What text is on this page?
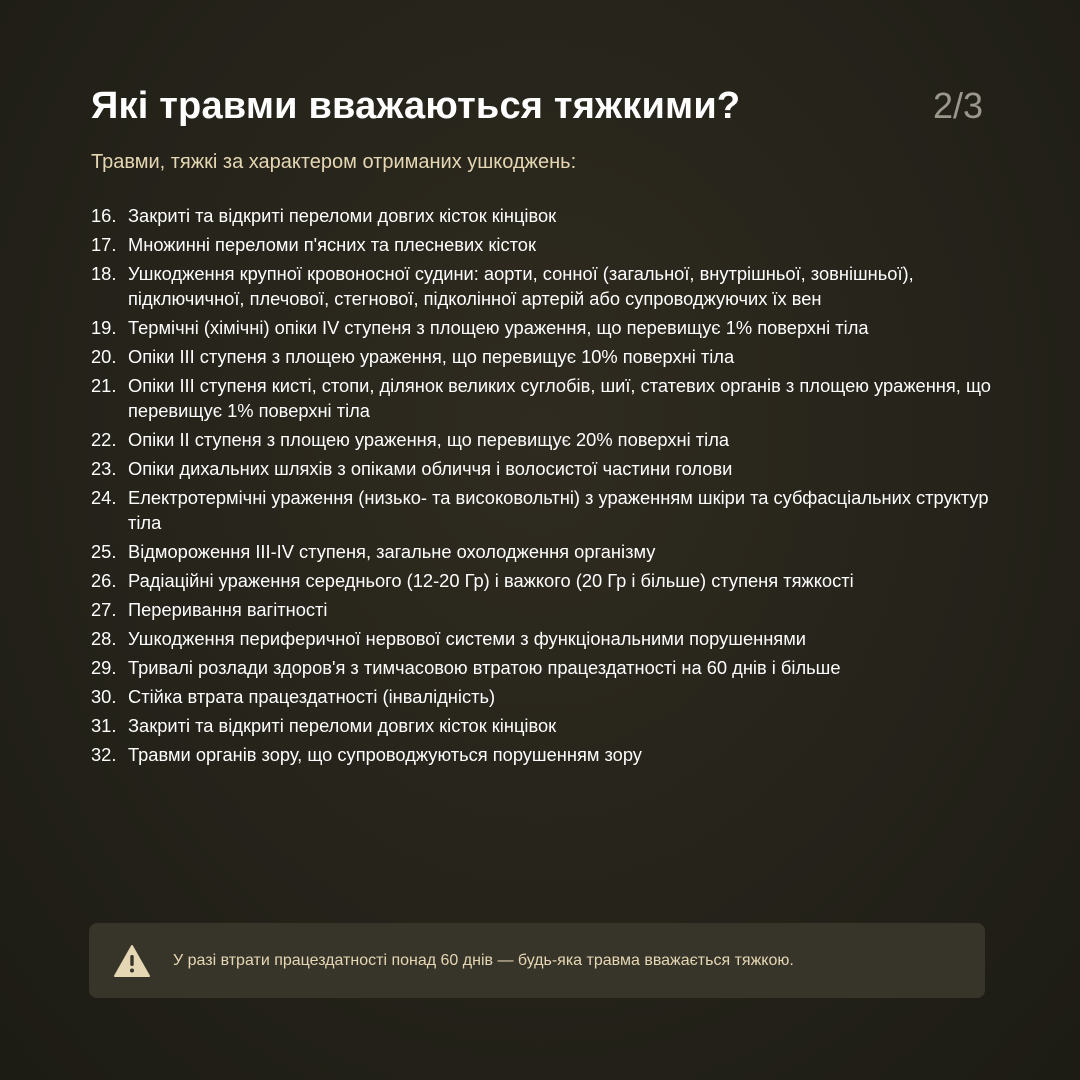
Які травми вважаються тяжкими?	2/3
Травми, тяжкі за характером отриманих ушкоджень:
16. Закриті та відкриті переломи довгих кісток кінцівок
17. Множинні переломи п'ясних та плесневих кісток
18. Ушкодження крупної кровоносної судини: аорти, сонної (загальної, внутрішньої, зовнішньої), підключичної, плечової, стегнової, підколінної артерій або супроводжуючих їх вен
19. Термічні (хімічні) опіки IV ступеня з площею ураження, що перевищує 1% поверхні тіла
20. Опіки III ступеня з площею ураження, що перевищує 10% поверхні тіла
21. Опіки III ступеня кисті, стопи, ділянок великих суглобів, шиї, статевих органів з площею ураження, що перевищує 1% поверхні тіла
22. Опіки II ступеня з площею ураження, що перевищує 20% поверхні тіла
23. Опіки дихальних шляхів з опіками обличчя і волосистої частини голови
24. Електротермічні ураження (низько- та високовольтні) з ураженням шкіри та субфасціальних структур тіла
25. Відмороження III-IV ступеня, загальне охолодження організму
26. Радіаційні ураження середнього (12-20 Гр) і важкого (20 Гр і більше) ступеня тяжкості
27. Переривання вагітності
28. Ушкодження периферичної нервової системи з функціональними порушеннями
29. Тривалі розлади здоров'я з тимчасовою втратою працездатності на 60 днів і більше
30. Стійка втрата працездатності (інвалідність)
31. Закриті та відкриті переломи довгих кісток кінцівок
32. Травми органів зору, що супроводжуються порушенням зору
У разі втрати працездатності понад 60 днів — будь-яка травма вважається тяжкою.
